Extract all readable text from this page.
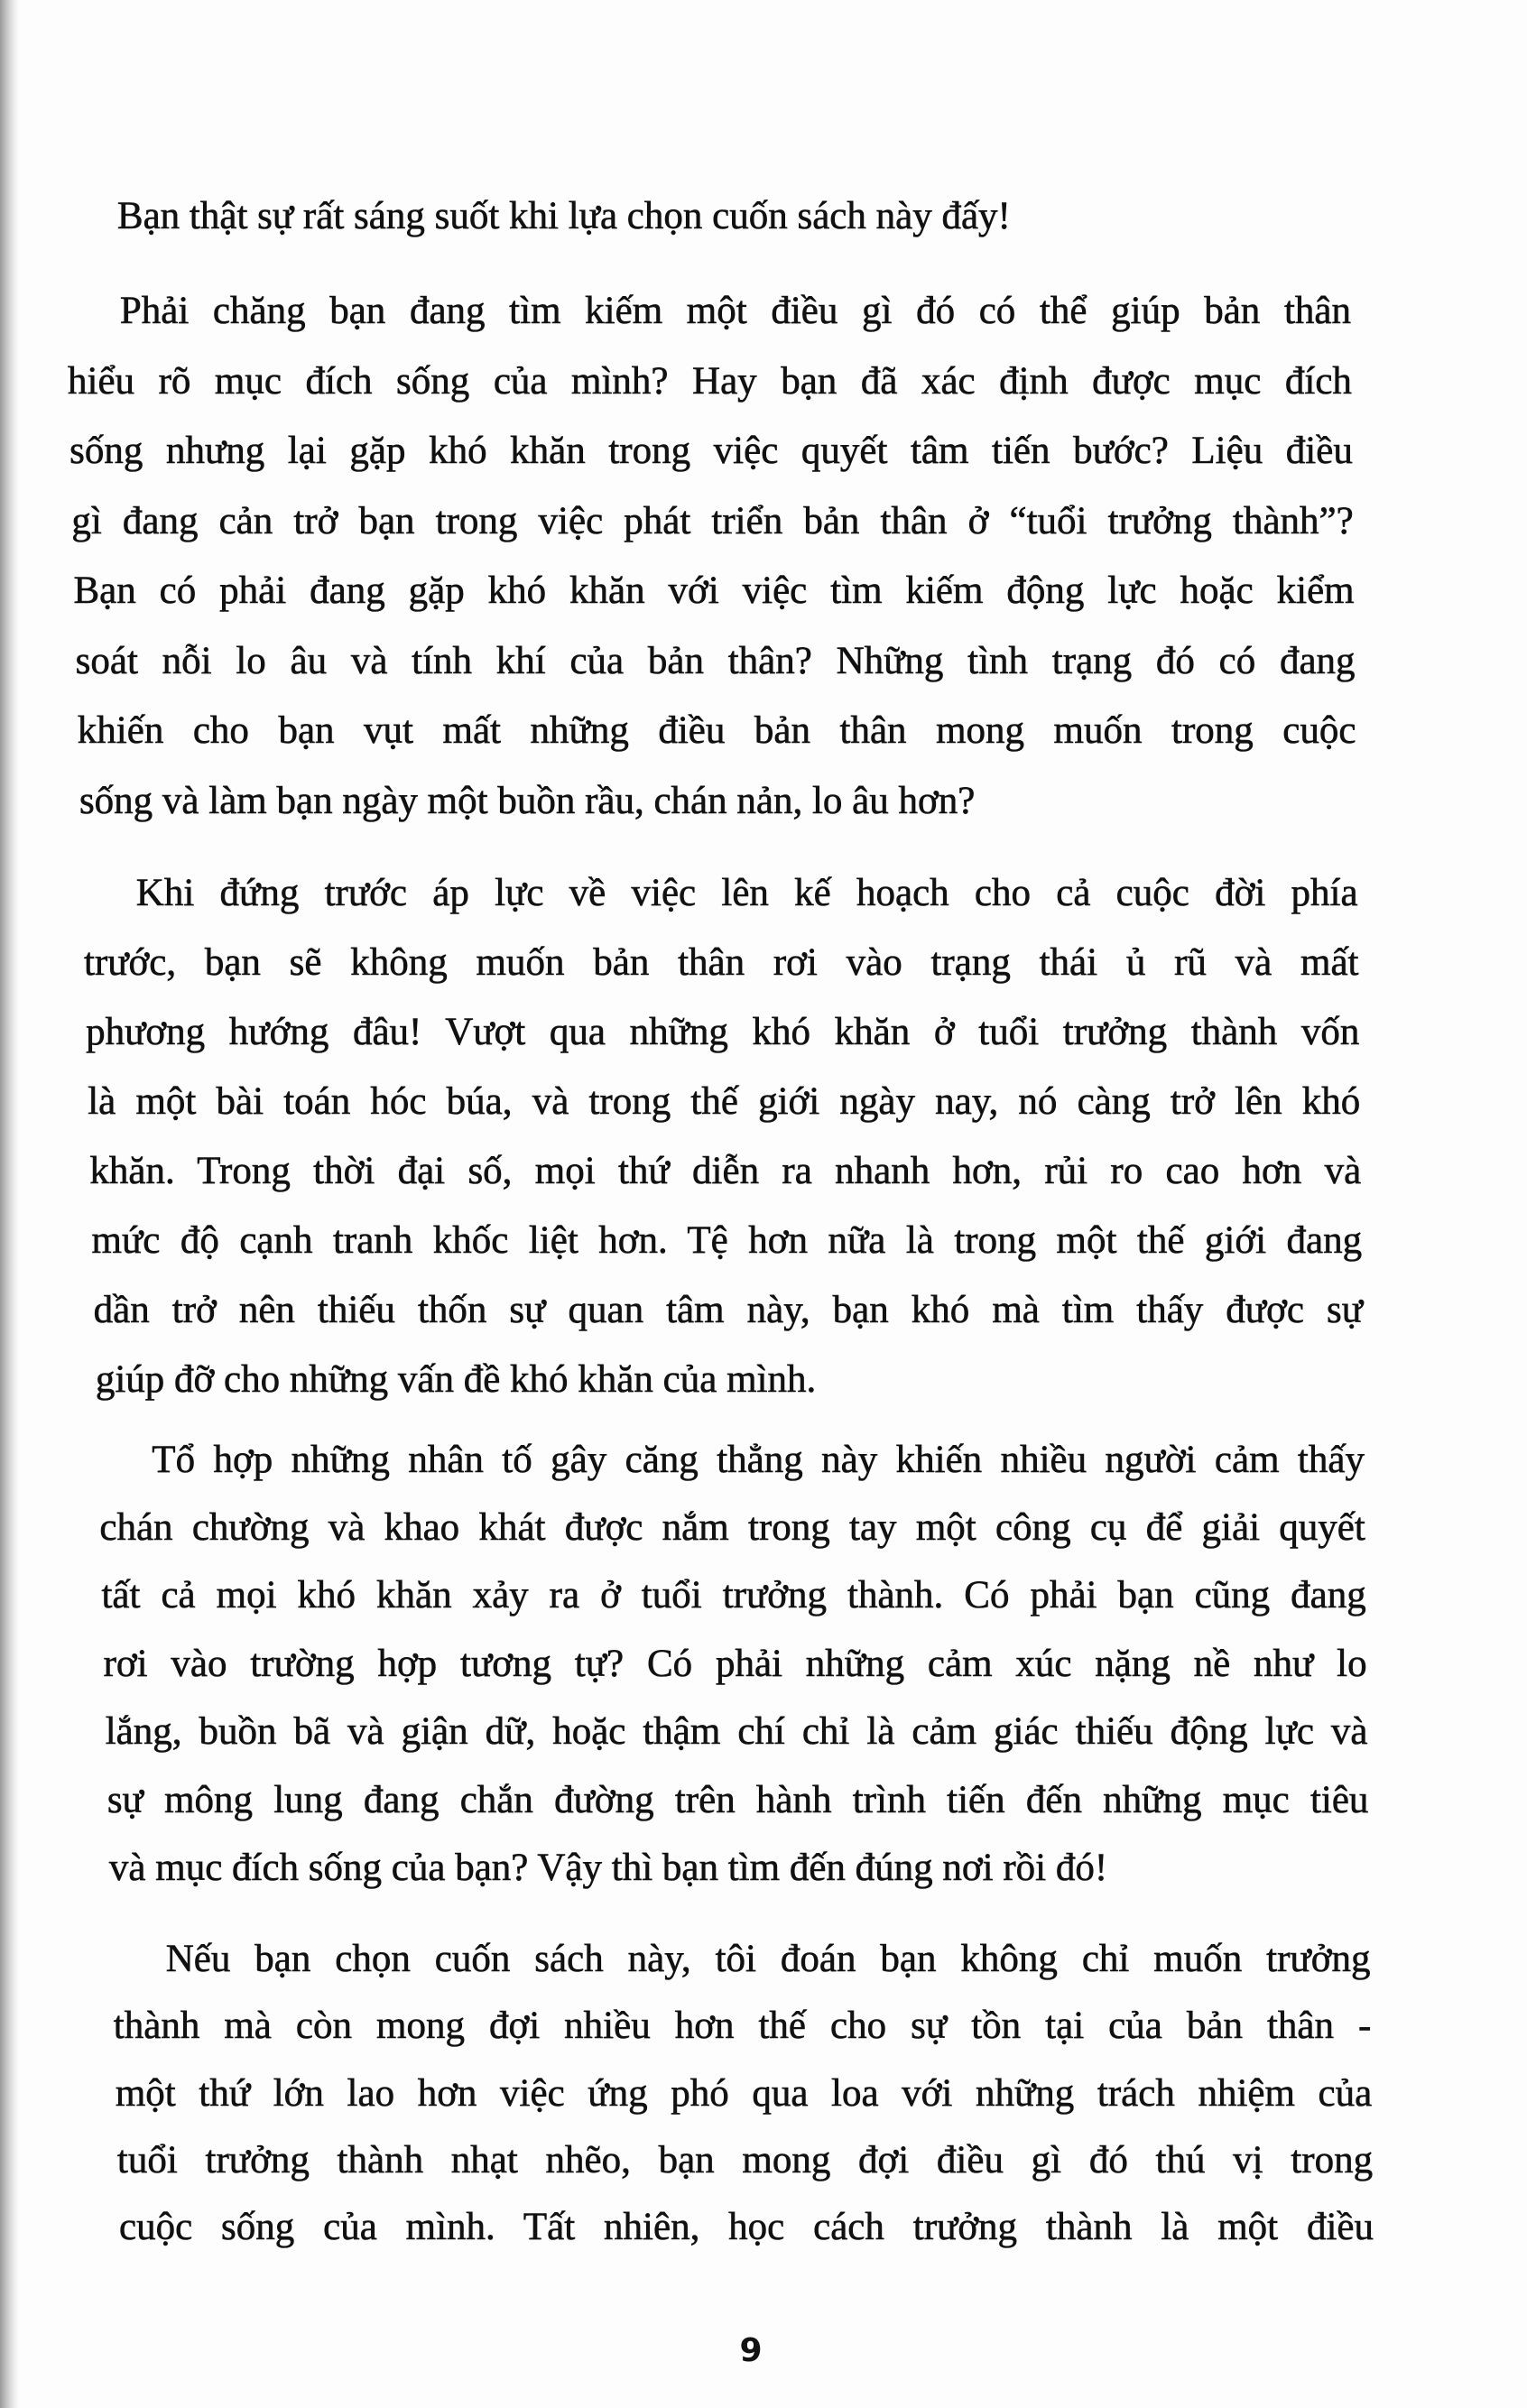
Bạn thật sự rất sáng suốt khi lựa chọn cuốn sách này đấy!
Phải chăng bạn đang tìm kiếm một điều gì đó có thể giúp bản thân
hiểu rõ mục đích sống của mình? Hay bạn đã xác định được mục đích
sống nhưng lại gặp khó khăn trong việc quyết tâm tiến bước? Liệu điều
gì đang cản trở bạn trong việc phát triển bản thân ở “tuổi trưởng thành”?
Bạn có phải đang gặp khó khăn với việc tìm kiếm động lực hoặc kiểm
soát nỗi lo âu và tính khí của bản thân? Những tình trạng đó có đang
khiến cho bạn vụt mất những điều bản thân mong muốn trong cuộc
sống và làm bạn ngày một buồn rầu, chán nản, lo âu hơn?
Khi đứng trước áp lực về việc lên kế hoạch cho cả cuộc đời phía
trước, bạn sẽ không muốn bản thân rơi vào trạng thái ủ rũ và mất
phương hướng đâu! Vượt qua những khó khăn ở tuổi trưởng thành vốn
là một bài toán hóc búa, và trong thế giới ngày nay, nó càng trở lên khó
khăn. Trong thời đại số, mọi thứ diễn ra nhanh hơn, rủi ro cao hơn và
mức độ cạnh tranh khốc liệt hơn. Tệ hơn nữa là trong một thế giới đang
dần trở nên thiếu thốn sự quan tâm này, bạn khó mà tìm thấy được sự
giúp đỡ cho những vấn đề khó khăn của mình.
Tổ hợp những nhân tố gây căng thẳng này khiến nhiều người cảm thấy
chán chường và khao khát được nắm trong tay một công cụ để giải quyết
tất cả mọi khó khăn xảy ra ở tuổi trưởng thành. Có phải bạn cũng đang
rơi vào trường hợp tương tự? Có phải những cảm xúc nặng nề như lo
lắng, buồn bã và giận dữ, hoặc thậm chí chỉ là cảm giác thiếu động lực và
sự mông lung đang chắn đường trên hành trình tiến đến những mục tiêu
và mục đích sống của bạn? Vậy thì bạn tìm đến đúng nơi rồi đó!
Nếu bạn chọn cuốn sách này, tôi đoán bạn không chỉ muốn trưởng
thành mà còn mong đợi nhiều hơn thế cho sự tồn tại của bản thân -
một thứ lớn lao hơn việc ứng phó qua loa với những trách nhiệm của
tuổi trưởng thành nhạt nhẽo, bạn mong đợi điều gì đó thú vị trong
cuộc sống của mình. Tất nhiên, học cách trưởng thành là một điều
9
